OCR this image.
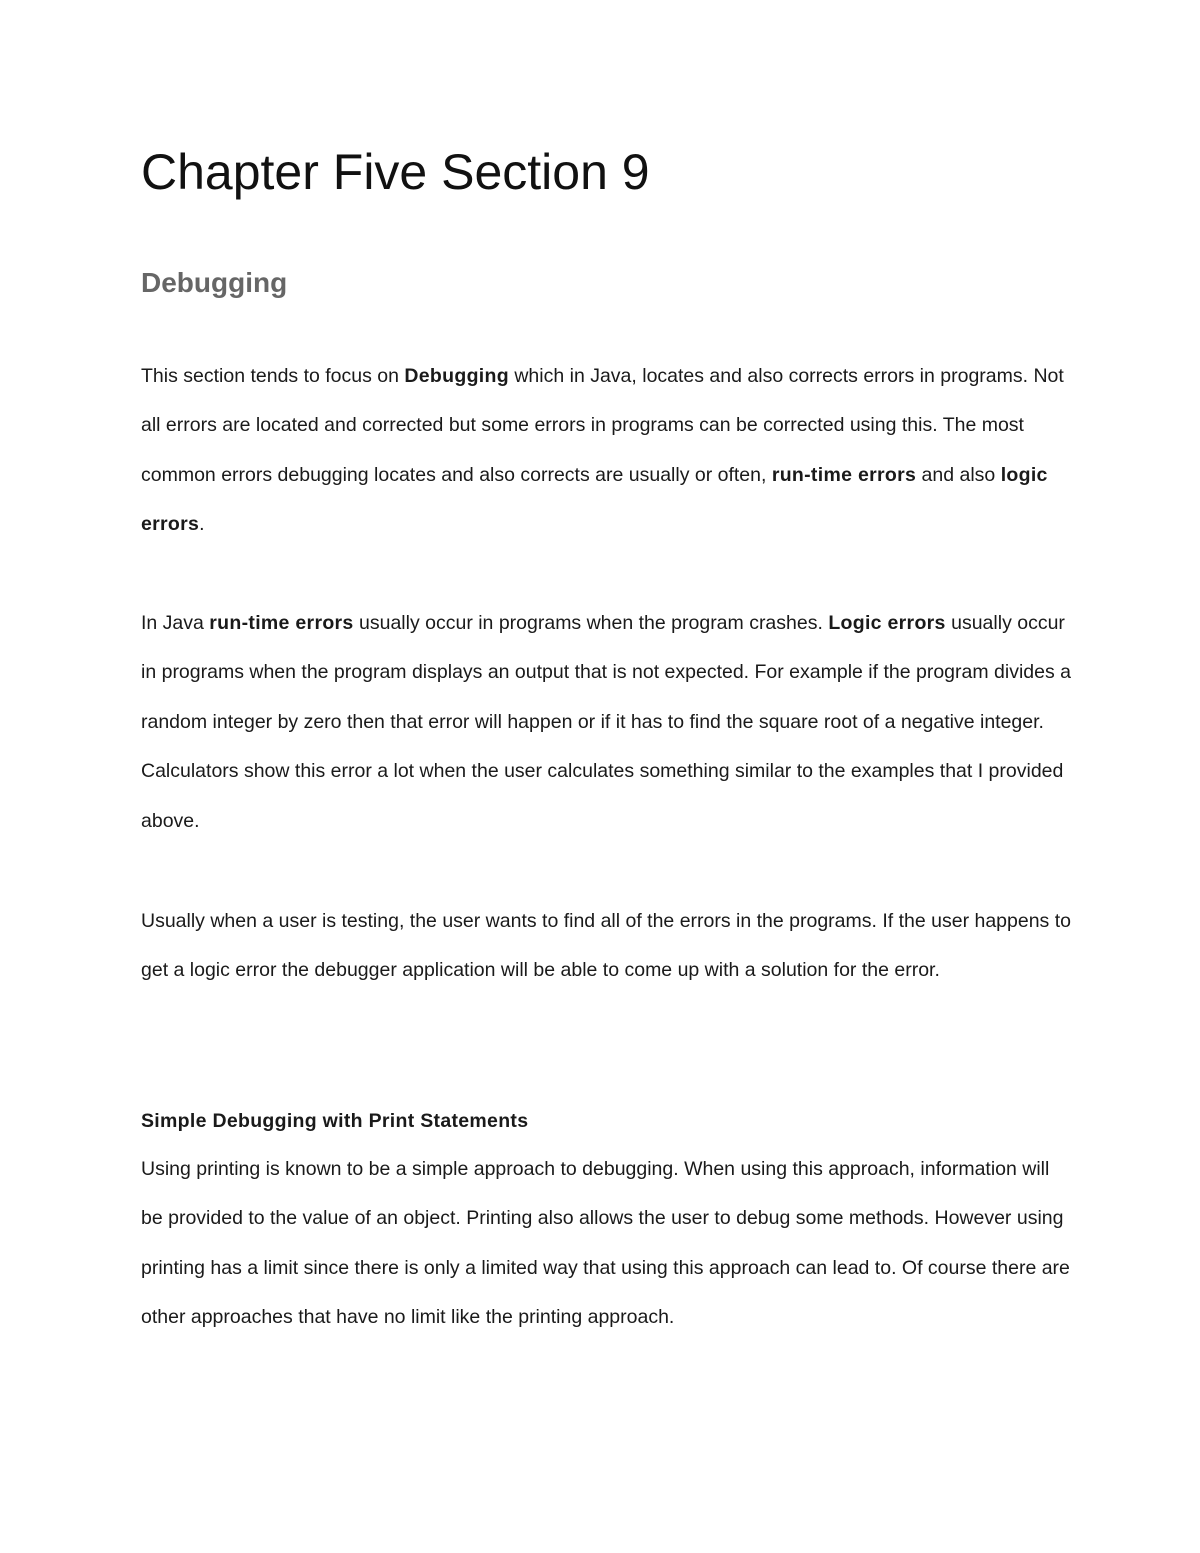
Chapter Five Section 9
Debugging

This section tends to focus on Debugging which in Java, locates and also corrects errors in programs. Not all errors are located and corrected but some errors in programs can be corrected using this. The most common errors debugging locates and also corrects are usually or often, run-time errors and also logic errors.

In Java run-time errors usually occur in programs when the program crashes. Logic errors usually occur in programs when the program displays an output that is not expected. For example if the program divides a random integer by zero then that error will happen or if it has to find the square root of a negative integer. Calculators show this error a lot when the user calculates something similar to the examples that I provided above.

Usually when a user is testing, the user wants to find all of the errors in the programs. If the user happens to get a logic error the debugger application will be able to come up with a solution for the error.

Simple Debugging with Print Statements

Using printing is known to be a simple approach to debugging. When using this approach, information will be provided to the value of an object. Printing also allows the user to debug some methods. However using printing has a limit since there is only a limited way that using this approach can lead to. Of course there are other approaches that have no limit like the printing approach.
